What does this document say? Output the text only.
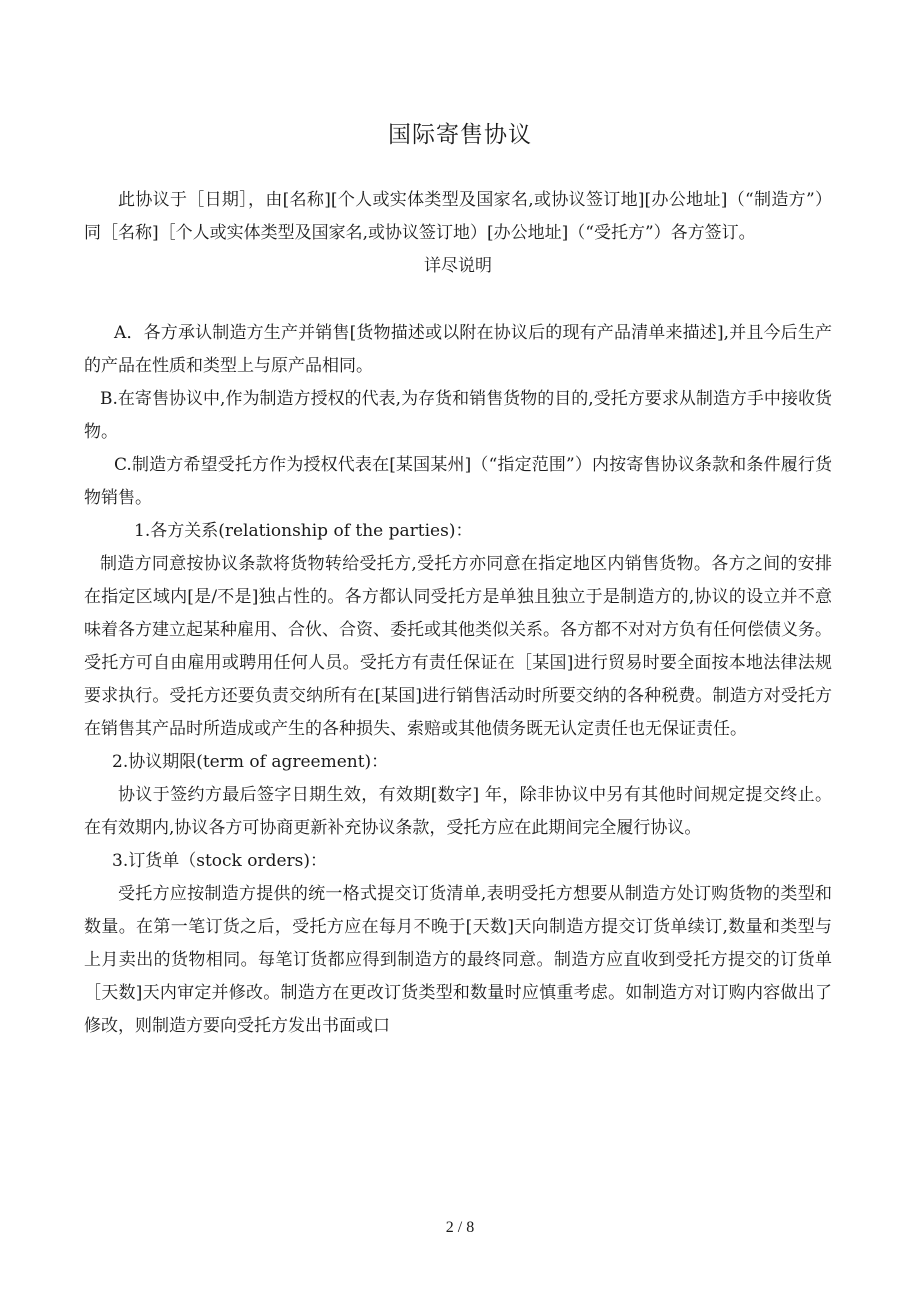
国际寄售协议

此协议于［日期］，由[名称][个人或实体类型及国家名,或协议签订地][办公地址]（“制造方”）同［名称]［个人或实体类型及国家名,或协议签订地）[办公地址]（“受托方”）各方签订。

详尽说明

A．各方承认制造方生产并销售[货物描述或以附在协议后的现有产品清单来描述],并且今后生产的产品在性质和类型上与原产品相同。

B.在寄售协议中,作为制造方授权的代表,为存货和销售货物的目的,受托方要求从制造方手中接收货物。

C.制造方希望受托方作为授权代表在[某国某州]（“指定范围”）内按寄售协议条款和条件履行货物销售。

1.各方关系(relationship of the parties)：

制造方同意按协议条款将货物转给受托方,受托方亦同意在指定地区内销售货物。各方之间的安排在指定区域内[是/不是]独占性的。各方都认同受托方是单独且独立于是制造方的,协议的设立并不意味着各方建立起某种雇用、合伙、合资、委托或其他类似关系。各方都不对对方负有任何偿债义务。受托方可自由雇用或聘用任何人员。受托方有责任保证在［某国]进行贸易时要全面按本地法律法规要求执行。受托方还要负责交纳所有在[某国]进行销售活动时所要交纳的各种税费。制造方对受托方在销售其产品时所造成或产生的各种损失、索赔或其他债务既无认定责任也无保证责任。

2.协议期限(term of agreement)：

协议于签约方最后签字日期生效，有效期[数字] 年，除非协议中另有其他时间规定提交终止。在有效期内,协议各方可协商更新补充协议条款，受托方应在此期间完全履行协议。

3.订货单（stock orders)：

受托方应按制造方提供的统一格式提交订货清单,表明受托方想要从制造方处订购货物的类型和数量。在第一笔订货之后，受托方应在每月不晚于[天数]天向制造方提交订货单续订,数量和类型与上月卖出的货物相同。每笔订货都应得到制造方的最终同意。制造方应直收到受托方提交的订货单［天数]天内审定并修改。制造方在更改订货类型和数量时应慎重考虑。如制造方对订购内容做出了修改，则制造方要向受托方发出书面或口

2 / 8
